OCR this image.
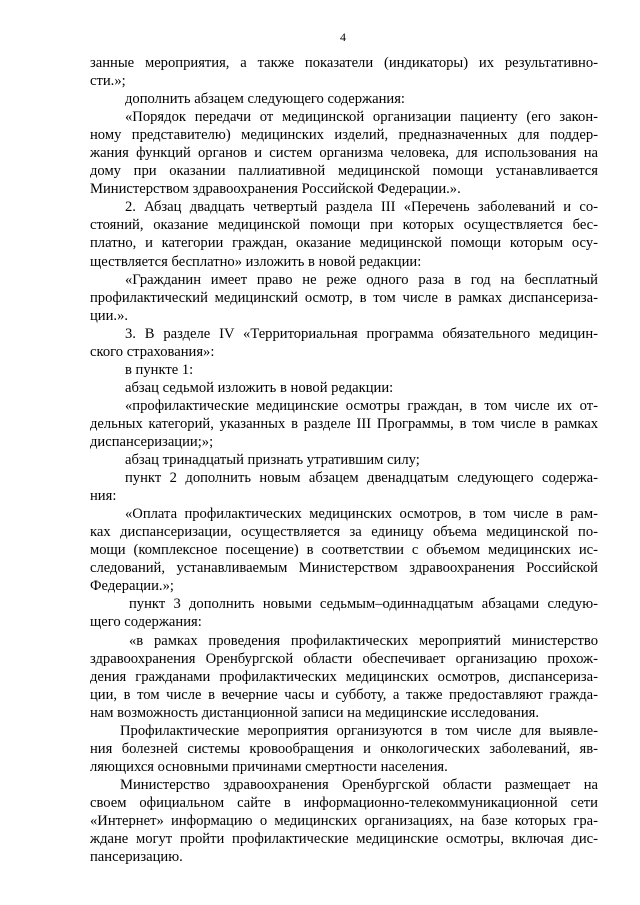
4
занные мероприятия, а также показатели (индикаторы) их результативно-
сти.»;
дополнить абзацем следующего содержания:
«Порядок передачи от медицинской организации пациенту (его закон-
ному представителю) медицинских изделий, предназначенных для поддер-
жания функций органов и систем организма человека, для использования на
дому при оказании паллиативной медицинской помощи устанавливается
Министерством здравоохранения Российской Федерации.».
2. Абзац двадцать четвертый раздела III «Перечень заболеваний и со-
стояний, оказание медицинской помощи при которых осуществляется бес-
платно, и категории граждан, оказание медицинской помощи которым осу-
ществляется бесплатно» изложить в новой редакции:
«Гражданин имеет право не реже одного раза в год на бесплатный
профилактический медицинский осмотр, в том числе в рамках диспансериза-
ции.».
3. В разделе IV «Территориальная программа обязательного медицин-
ского страхования»:
в пункте 1:
абзац седьмой изложить в новой редакции:
«профилактические медицинские осмотры граждан, в том числе их от-
дельных категорий, указанных в разделе III Программы, в том числе в рамках
диспансеризации;»;
абзац тринадцатый признать утратившим силу;
пункт 2 дополнить новым абзацем двенадцатым следующего содержа-
ния:
«Оплата профилактических медицинских осмотров, в том числе в рам-
ках диспансеризации, осуществляется за единицу объема медицинской по-
мощи (комплексное посещение) в соответствии с объемом медицинских ис-
следований, устанавливаемым Министерством здравоохранения Российской
Федерации.»;
пункт 3 дополнить новыми седьмым–одиннадцатым абзацами следую-
щего содержания:
«в рамках проведения профилактических мероприятий министерство
здравоохранения Оренбургской области обеспечивает организацию прохож-
дения гражданами профилактических медицинских осмотров, диспансериза-
ции, в том числе в вечерние часы и субботу, а также предоставляют гражда-
нам возможность дистанционной записи на медицинские исследования.
Профилактические мероприятия организуются в том числе для выявле-
ния болезней системы кровообращения и онкологических заболеваний, яв-
ляющихся основными причинами смертности населения.
Министерство здравоохранения Оренбургской области размещает на
своем официальном сайте в информационно-телекоммуникационной сети
«Интернет» информацию о медицинских организациях, на базе которых гра-
ждане могут пройти профилактические медицинские осмотры, включая дис-
пансеризацию.
